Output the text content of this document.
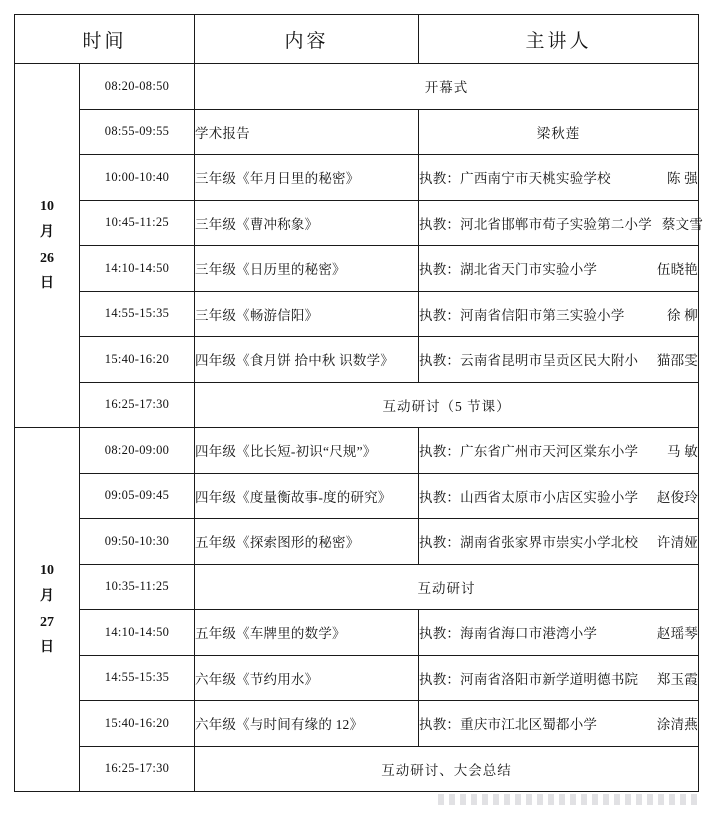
时间		内容	主讲人

10
月
26
日	08:20-08:50	开幕式	
	08:55-09:55	学术报告	梁秋莲
	10:00-10:40	三年级《年月日里的秘密》	执教：广西南宁市天桃实验学校 陈 强

	10:45-11:25	三年级《曹冲称象》	执教：河北省邯郸市荀子实验第二小学 蔡文雪

	14:10-14:50	三年级《日历里的秘密》	执教：湖北省天门市实验小学 伍晓艳

	14:55-15:35	三年级《畅游信阳》	执教：河南省信阳市第三实验小学 徐 柳

	15:40-16:20	四年级《食月饼 拾中秋 识数学》	执教：云南省昆明市呈贡区民大附小 猫邵雯

	16:25-17:30	互动研讨（5 节课）	

10
月
27
日	08:20-09:00	四年级《比长短-初识“尺规”》	执教：广东省广州市天河区棠东小学 马 敏

	09:05-09:45	四年级《度量衡故事-度的研究》	执教：山西省太原市小店区实验小学 赵俊玲

	09:50-10:30	五年级《探索图形的秘密》	执教：湖南省张家界市崇实小学北校 许清娅

	10:35-11:25	互动研讨	
	14:10-14:50	五年级《车牌里的数学》	执教：海南省海口市港湾小学 赵瑶琴

	14:55-15:35	六年级《节约用水》	执教：河南省洛阳市新学道明德书院 郑玉霞

	15:40-16:20	六年级《与时间有缘的 12》	执教：重庆市江北区蜀都小学 涂清燕

	16:25-17:30	互动研讨、大会总结	
